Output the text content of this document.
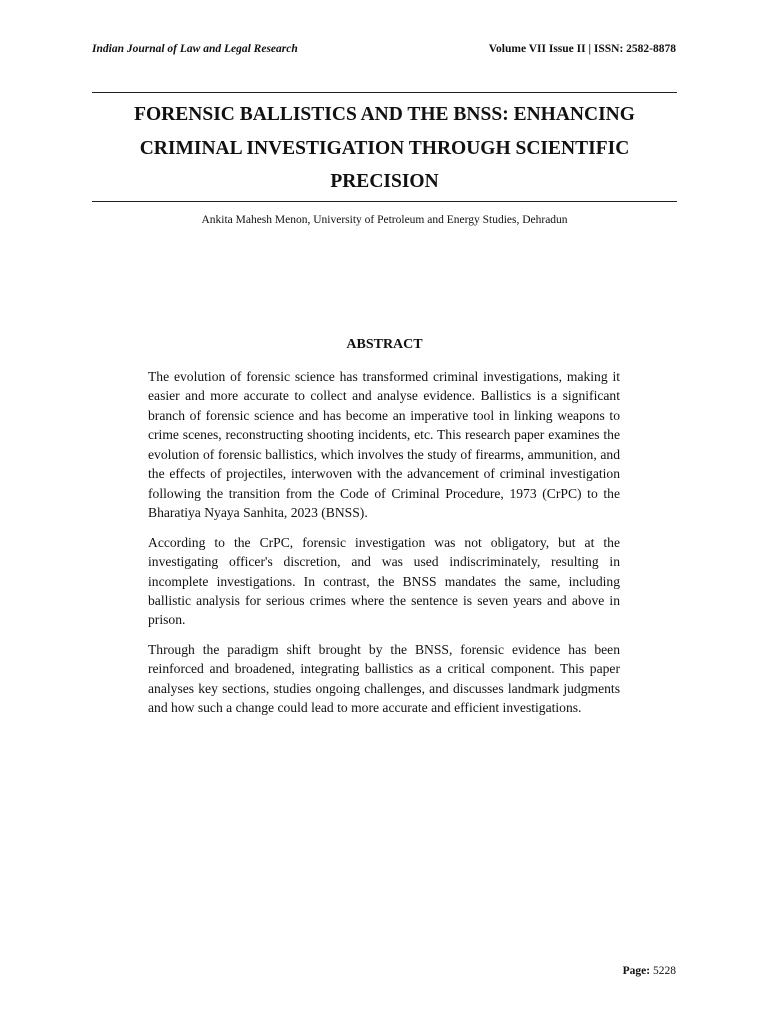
Indian Journal of Law and Legal Research	Volume VII Issue II | ISSN: 2582-8878
FORENSIC BALLISTICS AND THE BNSS: ENHANCING
CRIMINAL INVESTIGATION THROUGH SCIENTIFIC
PRECISION
Ankita Mahesh Menon, University of Petroleum and Energy Studies, Dehradun
ABSTRACT

The evolution of forensic science has transformed criminal investigations, making it easier and more accurate to collect and analyse evidence. Ballistics is a significant branch of forensic science and has become an imperative tool in linking weapons to crime scenes, reconstructing shooting incidents, etc. This research paper examines the evolution of forensic ballistics, which involves the study of firearms, ammunition, and the effects of projectiles, interwoven with the advancement of criminal investigation following the transition from the Code of Criminal Procedure, 1973 (CrPC) to the Bharatiya Nyaya Sanhita, 2023 (BNSS).

According to the CrPC, forensic investigation was not obligatory, but at the investigating officer's discretion, and was used indiscriminately, resulting in incomplete investigations. In contrast, the BNSS mandates the same, including ballistic analysis for serious crimes where the sentence is seven years and above in prison.

Through the paradigm shift brought by the BNSS, forensic evidence has been reinforced and broadened, integrating ballistics as a critical component. This paper analyses key sections, studies ongoing challenges, and discusses landmark judgments and how such a change could lead to more accurate and efficient investigations.

Page: 5228
